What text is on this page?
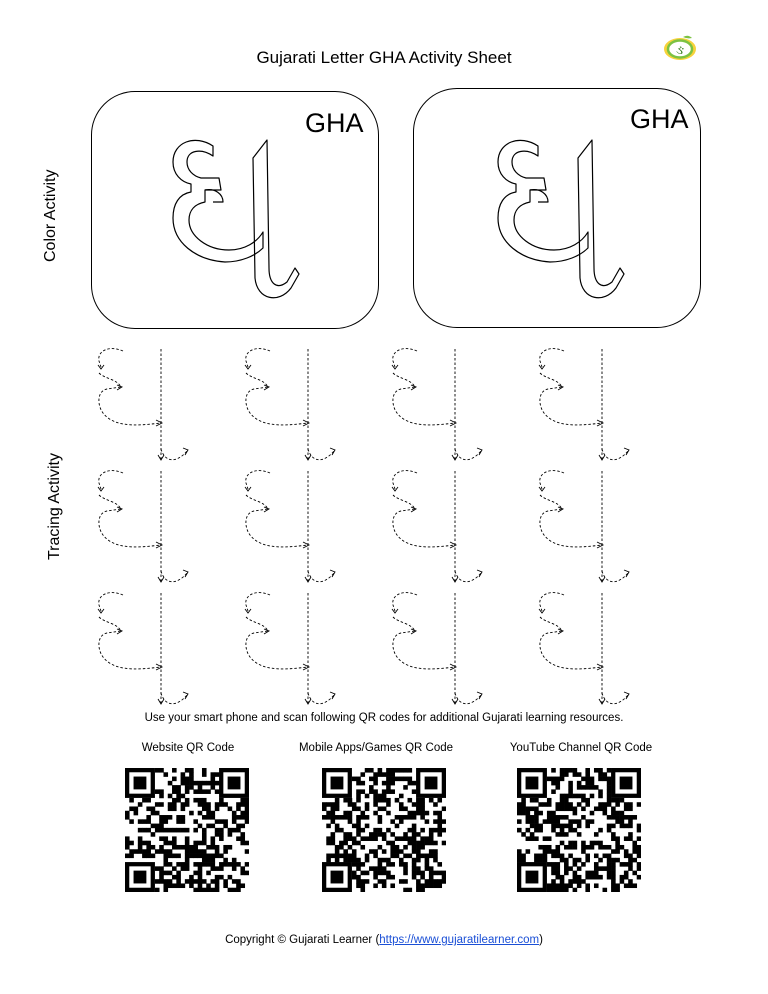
Gujarati Letter GHA Activity Sheet	ઙ
Color Activity
Tracing Activity
GHA	GHA
Use your smart phone and scan following QR codes for additional Gujarati learning resources.
Website QR Code	Mobile Apps/Games QR Code	YouTube Channel QR Code
Copyright © Gujarati Learner (https://www.gujaratilearner.com)
